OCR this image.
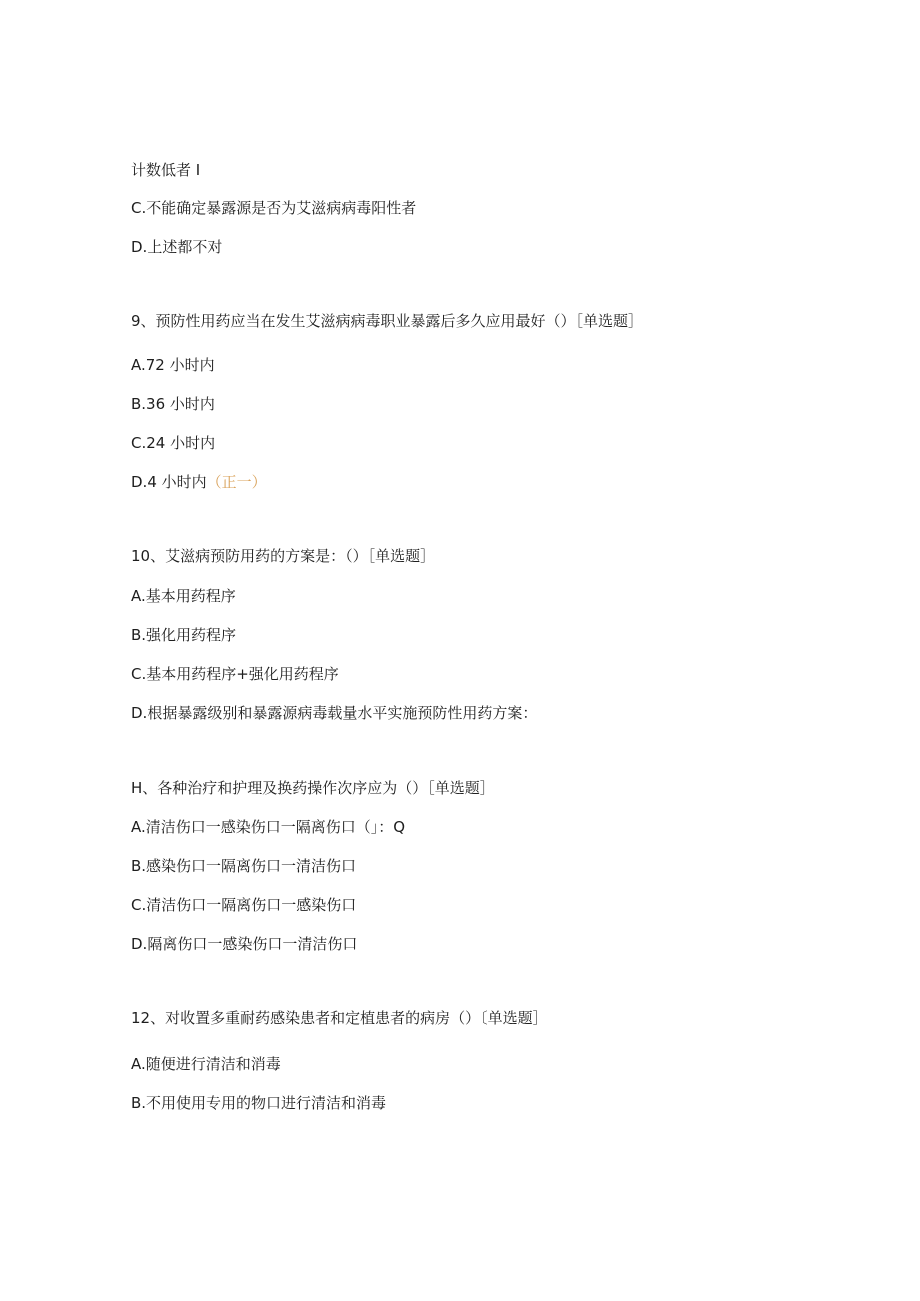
计数低者 I
C.不能确定暴露源是否为艾滋病病毒阳性者
D.上述都不对
9、预防性用药应当在发生艾滋病病毒职业暴露后多久应用最好（）［单选题］
A.72 小时内
B.36 小时内
C.24 小时内
D.4 小时内（正一）
10、艾滋病预防用药的方案是：（）［单选题］
A.基本用药程序
B.强化用药程序
C.基本用药程序+强化用药程序
D.根据暴露级别和暴露源病毒载量水平实施预防性用药方案：
H、各种治疗和护理及换药操作次序应为（）［单选题］
A.清洁伤口一感染伤口一隔离伤口（」：Q
B.感染伤口一隔离伤口一清洁伤口
C.清洁伤口一隔离伤口一感染伤口
D.隔离伤口一感染伤口一清洁伤口
12、对收置多重耐药感染患者和定植患者的病房（）〔单选题］
A.随便进行清洁和消毒
B.不用使用专用的物口进行清洁和消毒
